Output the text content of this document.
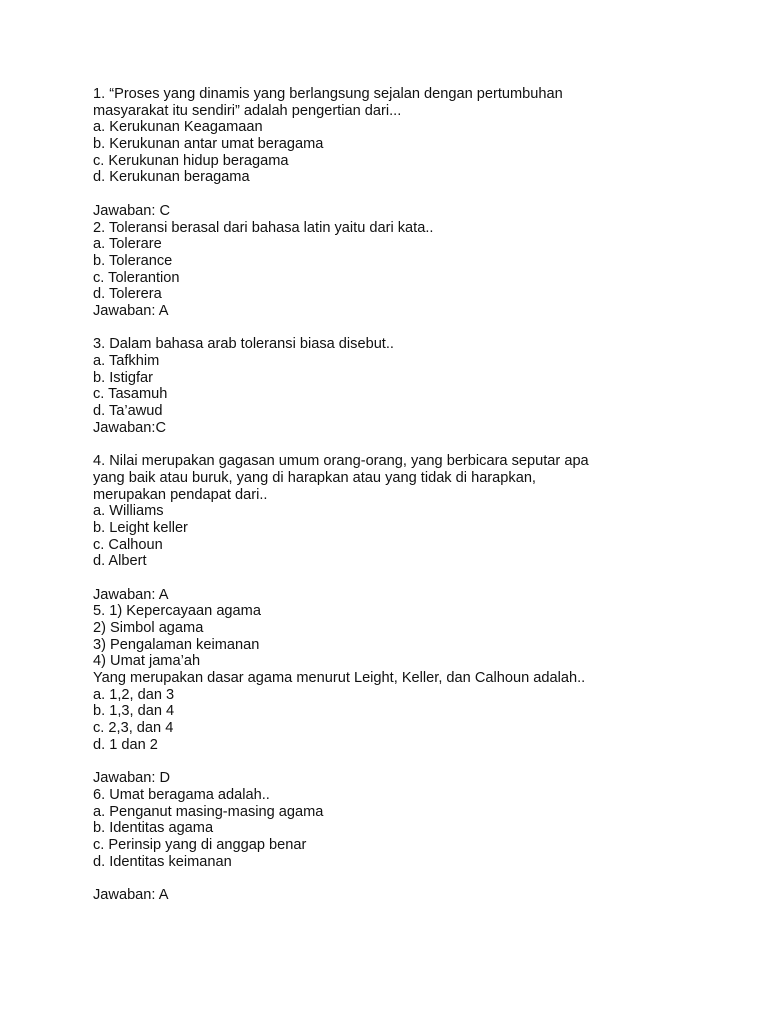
1. “Proses yang dinamis yang berlangsung sejalan dengan pertumbuhan
masyarakat itu sendiri” adalah pengertian dari...
a. Kerukunan Keagamaan
b. Kerukunan antar umat beragama
c. Kerukunan hidup beragama
d. Kerukunan beragama
Jawaban: C
2. Toleransi berasal dari bahasa latin yaitu dari kata..
a. Tolerare
b. Tolerance
c. Tolerantion
d. Tolerera
Jawaban: A
3. Dalam bahasa arab toleransi biasa disebut..
a. Tafkhim
b. Istigfar
c. Tasamuh
d. Ta’awud
Jawaban:C
4. Nilai merupakan gagasan umum orang-orang, yang berbicara seputar apa
yang baik atau buruk, yang di harapkan atau yang tidak di harapkan,
merupakan pendapat dari..
a. Williams
b. Leight keller
c. Calhoun
d. Albert
Jawaban: A
5. 1) Kepercayaan agama
2) Simbol agama
3) Pengalaman keimanan
4) Umat jama’ah
Yang merupakan dasar agama menurut Leight, Keller, dan Calhoun adalah..
a. 1,2, dan 3
b. 1,3, dan 4
c. 2,3, dan 4
d. 1 dan 2
Jawaban: D
6. Umat beragama adalah..
a. Penganut masing-masing agama
b. Identitas agama
c. Perinsip yang di anggap benar
d. Identitas keimanan
Jawaban: A
